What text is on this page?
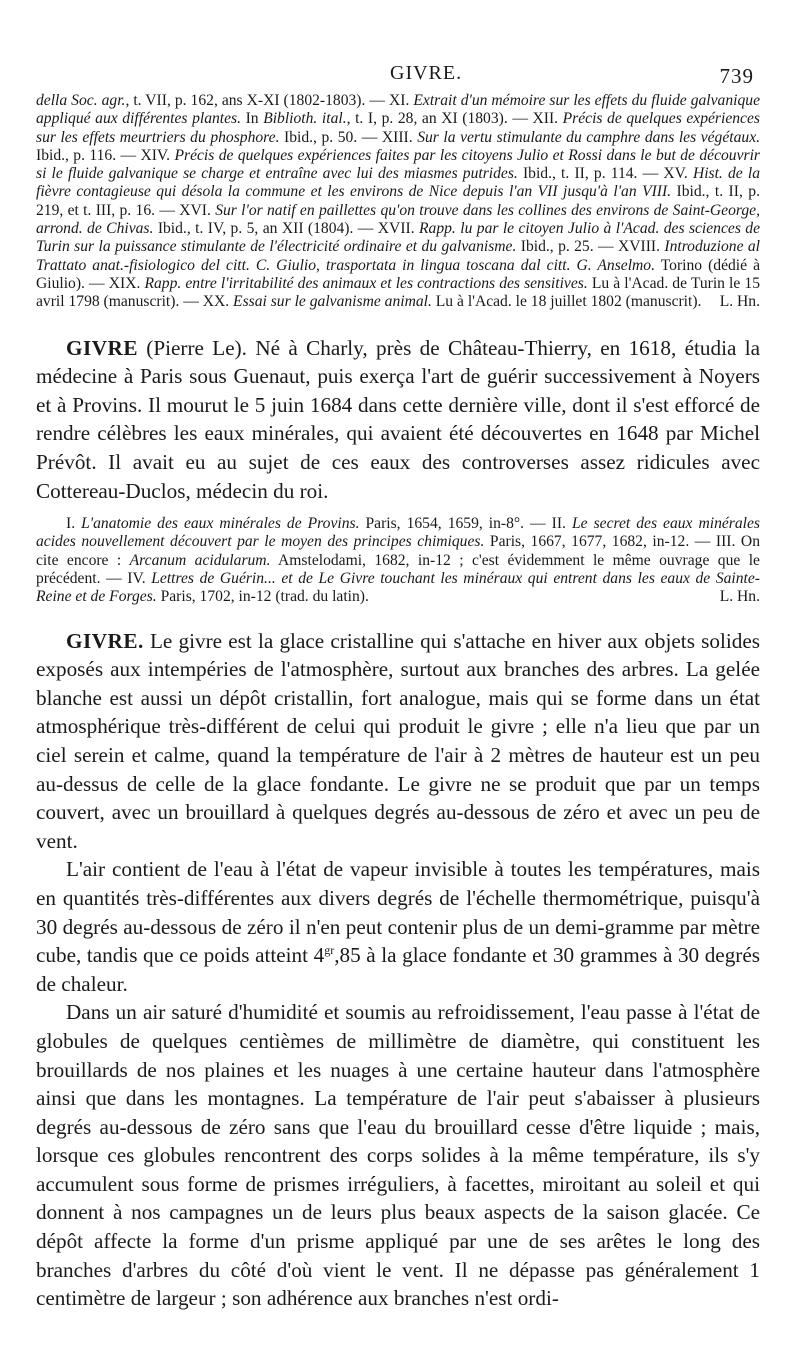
GIVRE.	739

della Soc. agr., t. VII, p. 162, ans X-XI (1802-1803). — XI. Extrait d'un mémoire sur les effets du fluide galvanique appliqué aux différentes plantes. In Biblioth. ital., t. I, p. 28, an XI (1803). — XII. Précis de quelques expériences sur les effets meurtriers du phosphore. Ibid., p. 50. — XIII. Sur la vertu stimulante du camphre dans les végétaux. Ibid., p. 116. — XIV. Précis de quelques expériences faites par les citoyens Julio et Rossi dans le but de découvrir si le fluide galvanique se charge et entraîne avec lui des miasmes putrides. Ibid., t. II, p. 114. — XV. Hist. de la fièvre contagieuse qui désola la commune et les environs de Nice depuis l'an VII jusqu'à l'an VIII. Ibid., t. II, p. 219, et t. III, p. 16. — XVI. Sur l'or natif en paillettes qu'on trouve dans les collines des environs de Saint-George, arrond. de Chivas. Ibid., t. IV, p. 5, an XII (1804). — XVII. Rapp. lu par le citoyen Julio à l'Acad. des sciences de Turin sur la puissance stimulante de l'électricité ordinaire et du galvanisme. Ibid., p. 25. — XVIII. Introduzione al Trattato anat.-fisiologico del citt. C. Giulio, trasportata in lingua toscana dal citt. G. Anselmo. Torino (dédié à Giulio). — XIX. Rapp. entre l'irritabilité des animaux et les contractions des sensitives. Lu à l'Acad. de Turin le 15 avril 1798 (manuscrit). — XX. Essai sur le galvanisme animal. Lu à l'Acad. le 18 juillet 1802 (manuscrit). L. Hn.

GIVRE (Pierre Le). Né à Charly, près de Château-Thierry, en 1618, étudia la médecine à Paris sous Guenaut, puis exerça l'art de guérir successivement à Noyers et à Provins. Il mourut le 5 juin 1684 dans cette dernière ville, dont il s'est efforcé de rendre célèbres les eaux minérales, qui avaient été découvertes en 1648 par Michel Prévôt. Il avait eu au sujet de ces eaux des controverses assez ridicules avec Cottereau-Duclos, médecin du roi.

I. L'anatomie des eaux minérales de Provins. Paris, 1654, 1659, in-8°. — II. Le secret des eaux minérales acides nouvellement découvert par le moyen des principes chimiques. Paris, 1667, 1677, 1682, in-12. — III. On cite encore : Arcanum acidularum. Amstelodami, 1682, in-12 ; c'est évidemment le même ouvrage que le précédent. — IV. Lettres de Guérin... et de Le Givre touchant les minéraux qui entrent dans les eaux de Sainte-Reine et de Forges. Paris, 1702, in-12 (trad. du latin).	L. Hn.

GIVRE. Le givre est la glace cristalline qui s'attache en hiver aux objets solides exposés aux intempéries de l'atmosphère, surtout aux branches des arbres. La gelée blanche est aussi un dépôt cristallin, fort analogue, mais qui se forme dans un état atmosphérique très-différent de celui qui produit le givre ; elle n'a lieu que par un ciel serein et calme, quand la température de l'air à 2 mètres de hauteur est un peu au-dessus de celle de la glace fondante. Le givre ne se produit que par un temps couvert, avec un brouillard à quelques degrés au-dessous de zéro et avec un peu de vent.

L'air contient de l'eau à l'état de vapeur invisible à toutes les températures, mais en quantités très-différentes aux divers degrés de l'échelle thermométrique, puisqu'à 30 degrés au-dessous de zéro il n'en peut contenir plus de un demi-gramme par mètre cube, tandis que ce poids atteint $4^{gr},85$ à la glace fondante et 30 grammes à 30 degrés de chaleur.

Dans un air saturé d'humidité et soumis au refroidissement, l'eau passe à l'état de globules de quelques centièmes de millimètre de diamètre, qui constituent les brouillards de nos plaines et les nuages à une certaine hauteur dans l'atmosphère ainsi que dans les montagnes. La température de l'air peut s'abaisser à plusieurs degrés au-dessous de zéro sans que l'eau du brouillard cesse d'être liquide ; mais, lorsque ces globules rencontrent des corps solides à la même température, ils s'y accumulent sous forme de prismes irréguliers, à facettes, miroitant au soleil et qui donnent à nos campagnes un de leurs plus beaux aspects de la saison glacée. Ce dépôt affecte la forme d'un prisme appliqué par une de ses arêtes le long des branches d'arbres du côté d'où vient le vent. Il ne dépasse pas généralement 1 centimètre de largeur ; son adhérence aux branches n'est ordi-
